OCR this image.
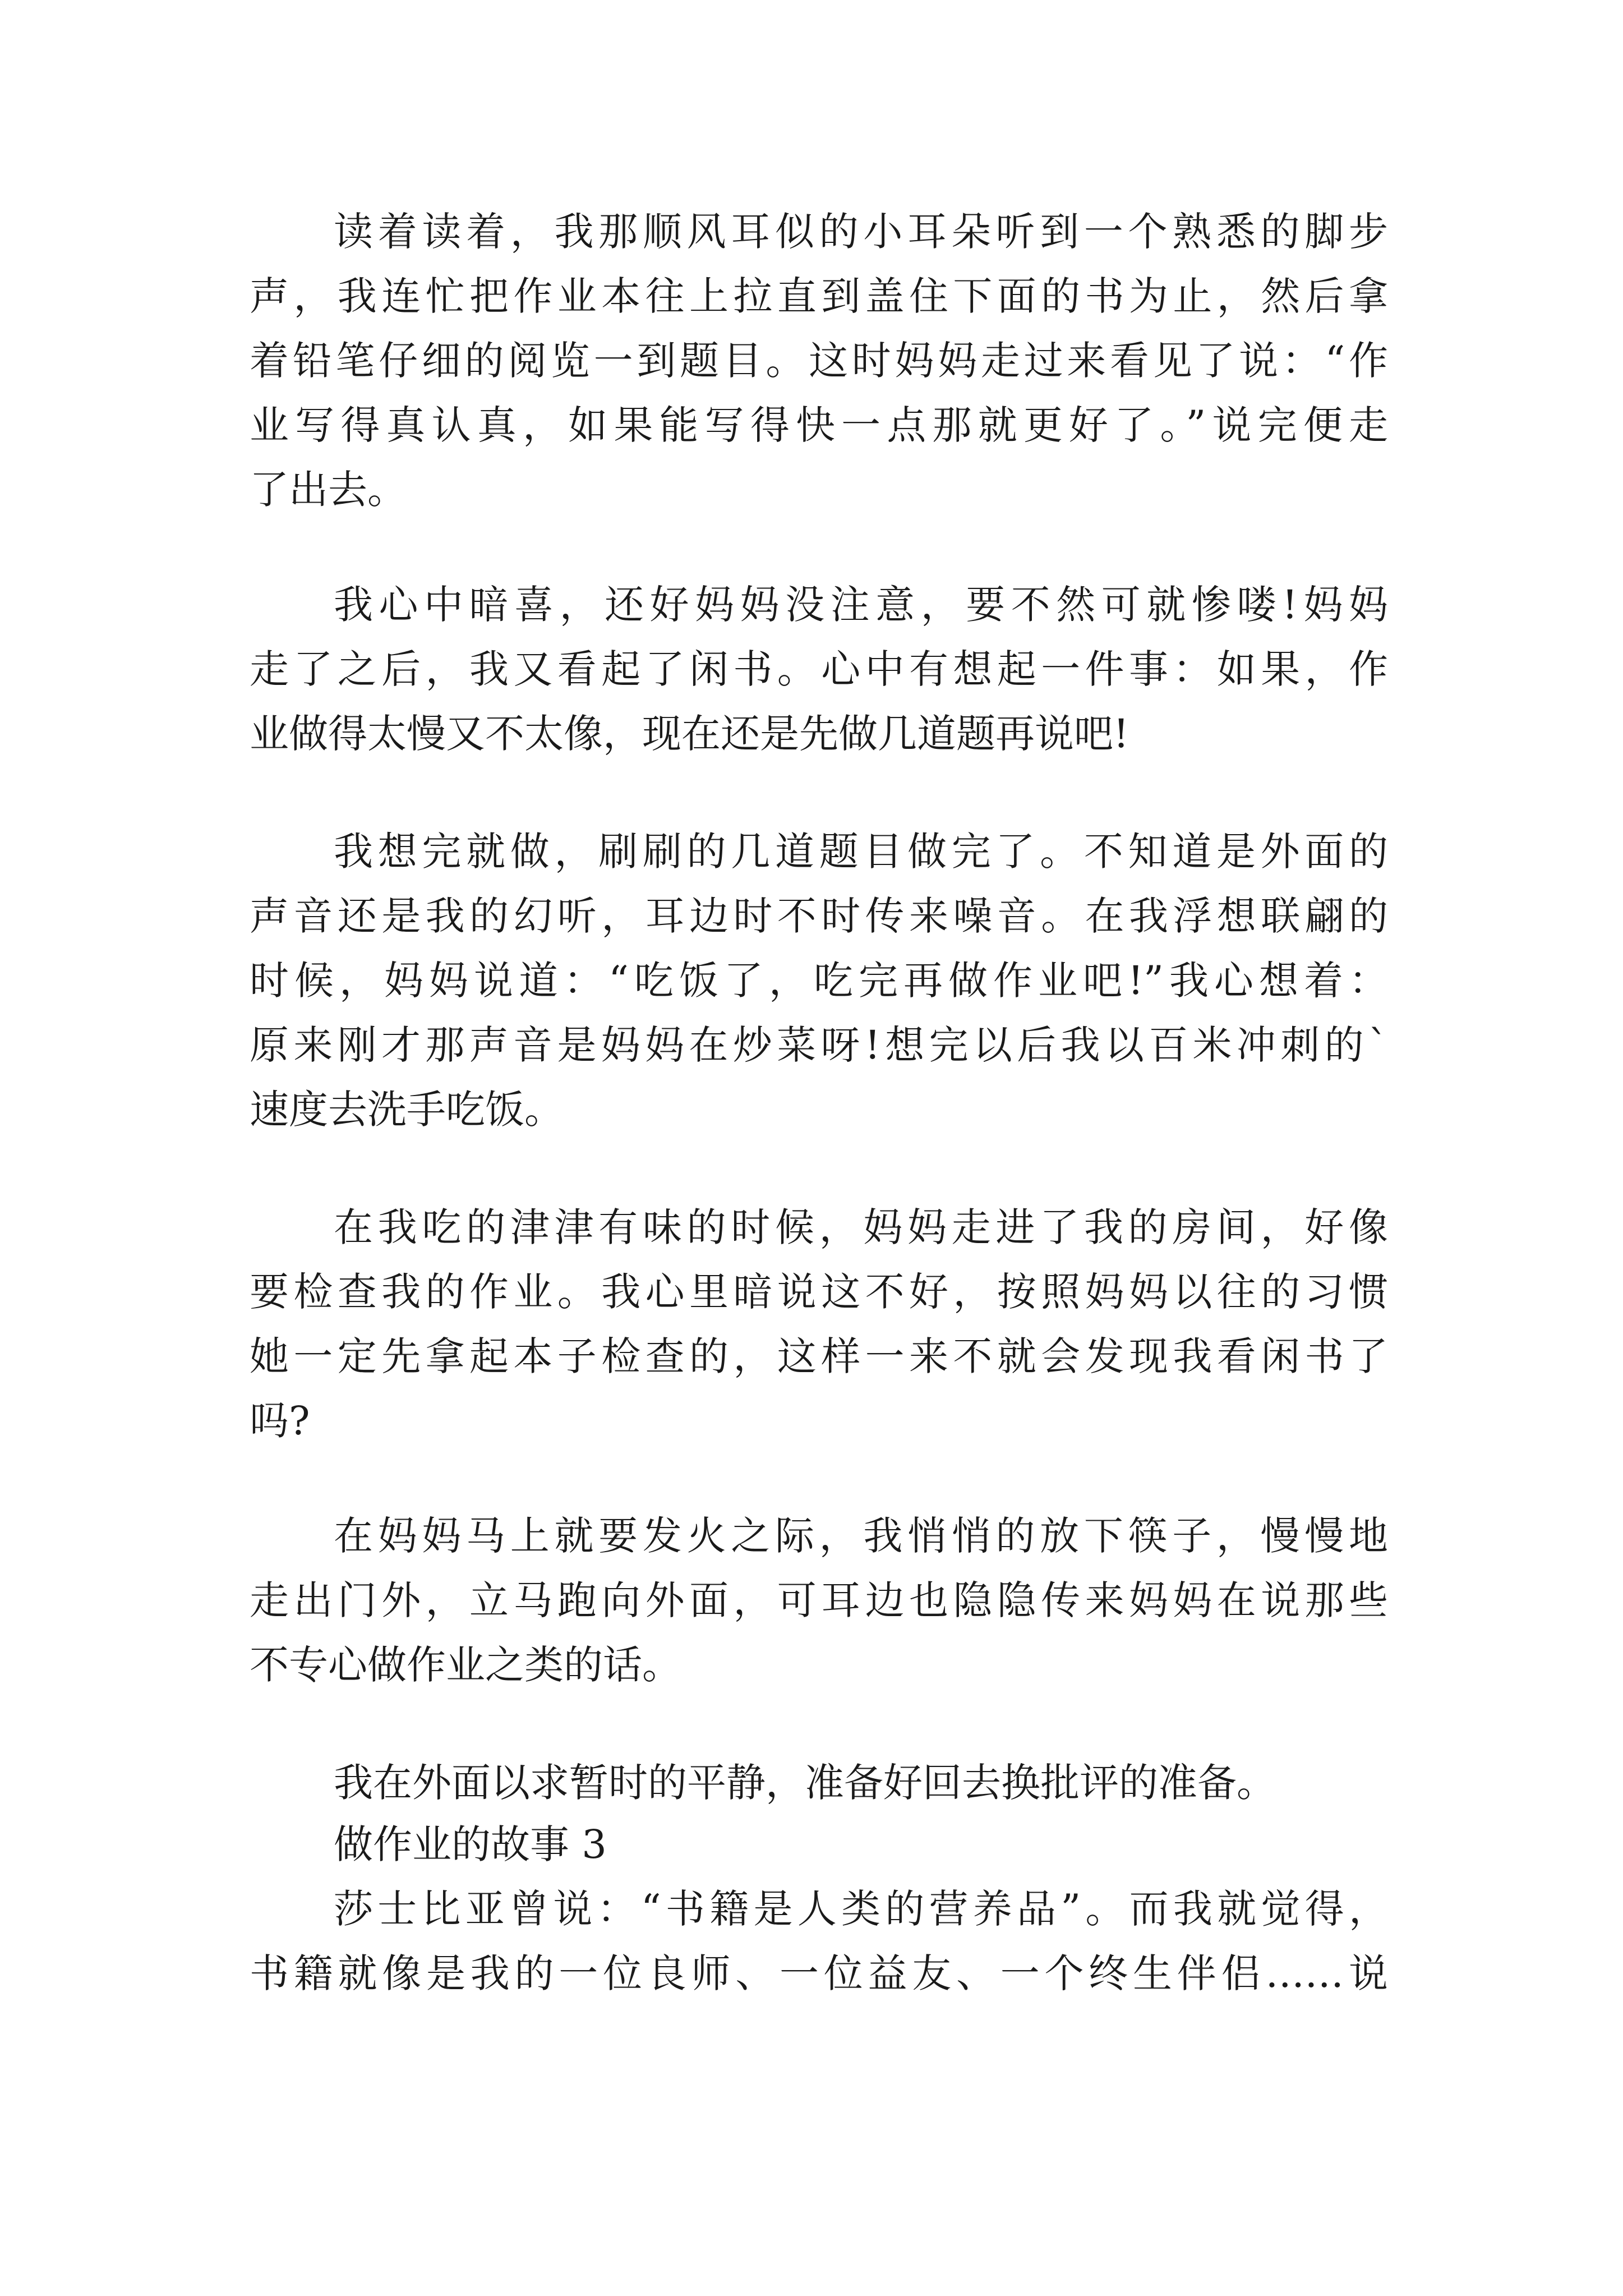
读着读着，我那顺风耳似的小耳朵听到一个熟悉的脚步
声，我连忙把作业本往上拉直到盖住下面的书为止，然后拿
着铅笔仔细的阅览一到题目。这时妈妈走过来看见了说：“作
业写得真认真，如果能写得快一点那就更好了。”说完便走
了出去。
我心中暗喜，还好妈妈没注意，要不然可就惨喽!妈妈
走了之后，我又看起了闲书。心中有想起一件事：如果，作
业做得太慢又不太像，现在还是先做几道题再说吧!
我想完就做，刷刷的几道题目做完了。不知道是外面的
声音还是我的幻听，耳边时不时传来噪音。在我浮想联翩的
时候，妈妈说道：“吃饭了，吃完再做作业吧!”我心想着：
原来刚才那声音是妈妈在炒菜呀!想完以后我以百米冲刺的`
速度去洗手吃饭。
在我吃的津津有味的时候，妈妈走进了我的房间，好像
要检查我的作业。我心里暗说这不好，按照妈妈以往的习惯
她一定先拿起本子检查的，这样一来不就会发现我看闲书了
吗?
在妈妈马上就要发火之际，我悄悄的放下筷子，慢慢地
走出门外，立马跑向外面，可耳边也隐隐传来妈妈在说那些
不专心做作业之类的话。
我在外面以求暂时的平静，准备好回去换批评的准备。
做作业的故事 3
莎士比亚曾说：“书籍是人类的营养品”。而我就觉得，
书籍就像是我的一位良师、一位益友、一个终生伴侣……说
